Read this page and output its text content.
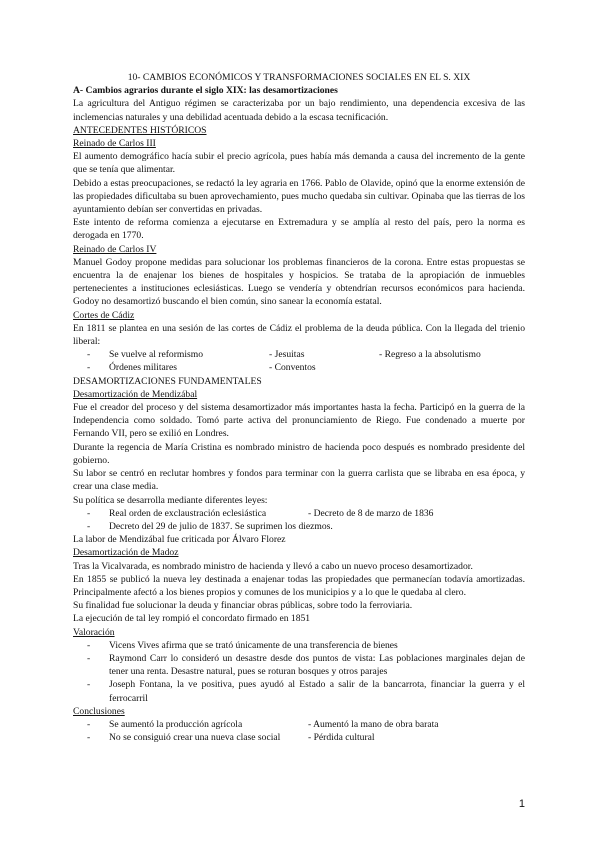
10- CAMBIOS ECONÓMICOS Y TRANSFORMACIONES SOCIALES EN EL S. XIX

A- Cambios agrarios durante el siglo XIX: las desamortizaciones

La agricultura del Antiguo régimen se caracterizaba por un bajo rendimiento, una dependencia excesiva de las inclemencias naturales y una debilidad acentuada debido a la escasa tecnificación.

ANTECEDENTES HISTÓRICOS

Reinado de Carlos III

El aumento demográfico hacía subir el precio agrícola, pues había más demanda a causa del incremento de la gente que se tenía que alimentar.

Debido a estas preocupaciones, se redactó la ley agraria en 1766. Pablo de Olavide, opinó que la enorme extensión de las propiedades dificultaba su buen aprovechamiento, pues mucho quedaba sin cultivar. Opinaba que las tierras de los ayuntamiento debían ser convertidas en privadas.

Este intento de reforma comienza a ejecutarse en Extremadura y se amplía al resto del país, pero la norma es derogada en 1770.

Reinado de Carlos IV

Manuel Godoy propone medidas para solucionar los problemas financieros de la corona. Entre estas propuestas se encuentra la de enajenar los bienes de hospitales y hospicios. Se trataba de la apropiación de inmuebles pertenecientes a instituciones eclesiásticas. Luego se vendería y obtendrían recursos económicos para hacienda. Godoy no desamortizó buscando el bien común, sino sanear la economía estatal.

Cortes de Cádiz

En 1811 se plantea en una sesión de las cortes de Cádiz el problema de la deuda pública. Con la llegada del trienio liberal:

-	Se vuelve al reformismo	- Jesuitas	- Regreso a la absolutismo
-	Órdenes militares	- Conventos

DESAMORTIZACIONES FUNDAMENTALES

Desamortización de Mendizábal

Fue el creador del proceso y del sistema desamortizador más importantes hasta la fecha. Participó en la guerra de la Independencia como soldado. Tomó parte activa del pronunciamiento de Riego. Fue condenado a muerte por Fernando VII, pero se exilió en Londres.

Durante la regencia de María Cristina es nombrado ministro de hacienda poco después es nombrado presidente del gobierno.

Su labor se centró en reclutar hombres y fondos para terminar con la guerra carlista que se libraba en esa época, y crear una clase media.

Su política se desarrolla mediante diferentes leyes:

-	Real orden de exclaustración eclesiástica	- Decreto de 8 de marzo de 1836
-	Decreto del 29 de julio de 1837. Se suprimen los diezmos.

La labor de Mendizábal fue criticada por Álvaro Florez

Desamortización de Madoz

Tras la Vicalvarada, es nombrado ministro de hacienda y llevó a cabo un nuevo proceso desamortizador.

En 1855 se publicó la nueva ley destinada a enajenar todas las propiedades que permanecían todavía amortizadas. Principalmente afectó a los bienes propios y comunes de los municipios y a lo que le quedaba al clero.

Su finalidad fue solucionar la deuda y financiar obras públicas, sobre todo la ferroviaria.

La ejecución de tal ley rompió el concordato firmado en 1851

Valoración

-	Vicens Vives afirma que se trató únicamente de una transferencia de bienes
-	Raymond Carr lo consideró un desastre desde dos puntos de vista: Las poblaciones marginales dejan de tener una renta. Desastre natural, pues se roturan bosques y otros parajes
-	Joseph Fontana, la ve positiva, pues ayudó al Estado a salir de la bancarrota, financiar la guerra y el ferrocarril

Conclusiones

-	Se aumentó la producción agrícola	- Aumentó la mano de obra barata
-	No se consiguió crear una nueva clase social	- Pérdida cultural
1
